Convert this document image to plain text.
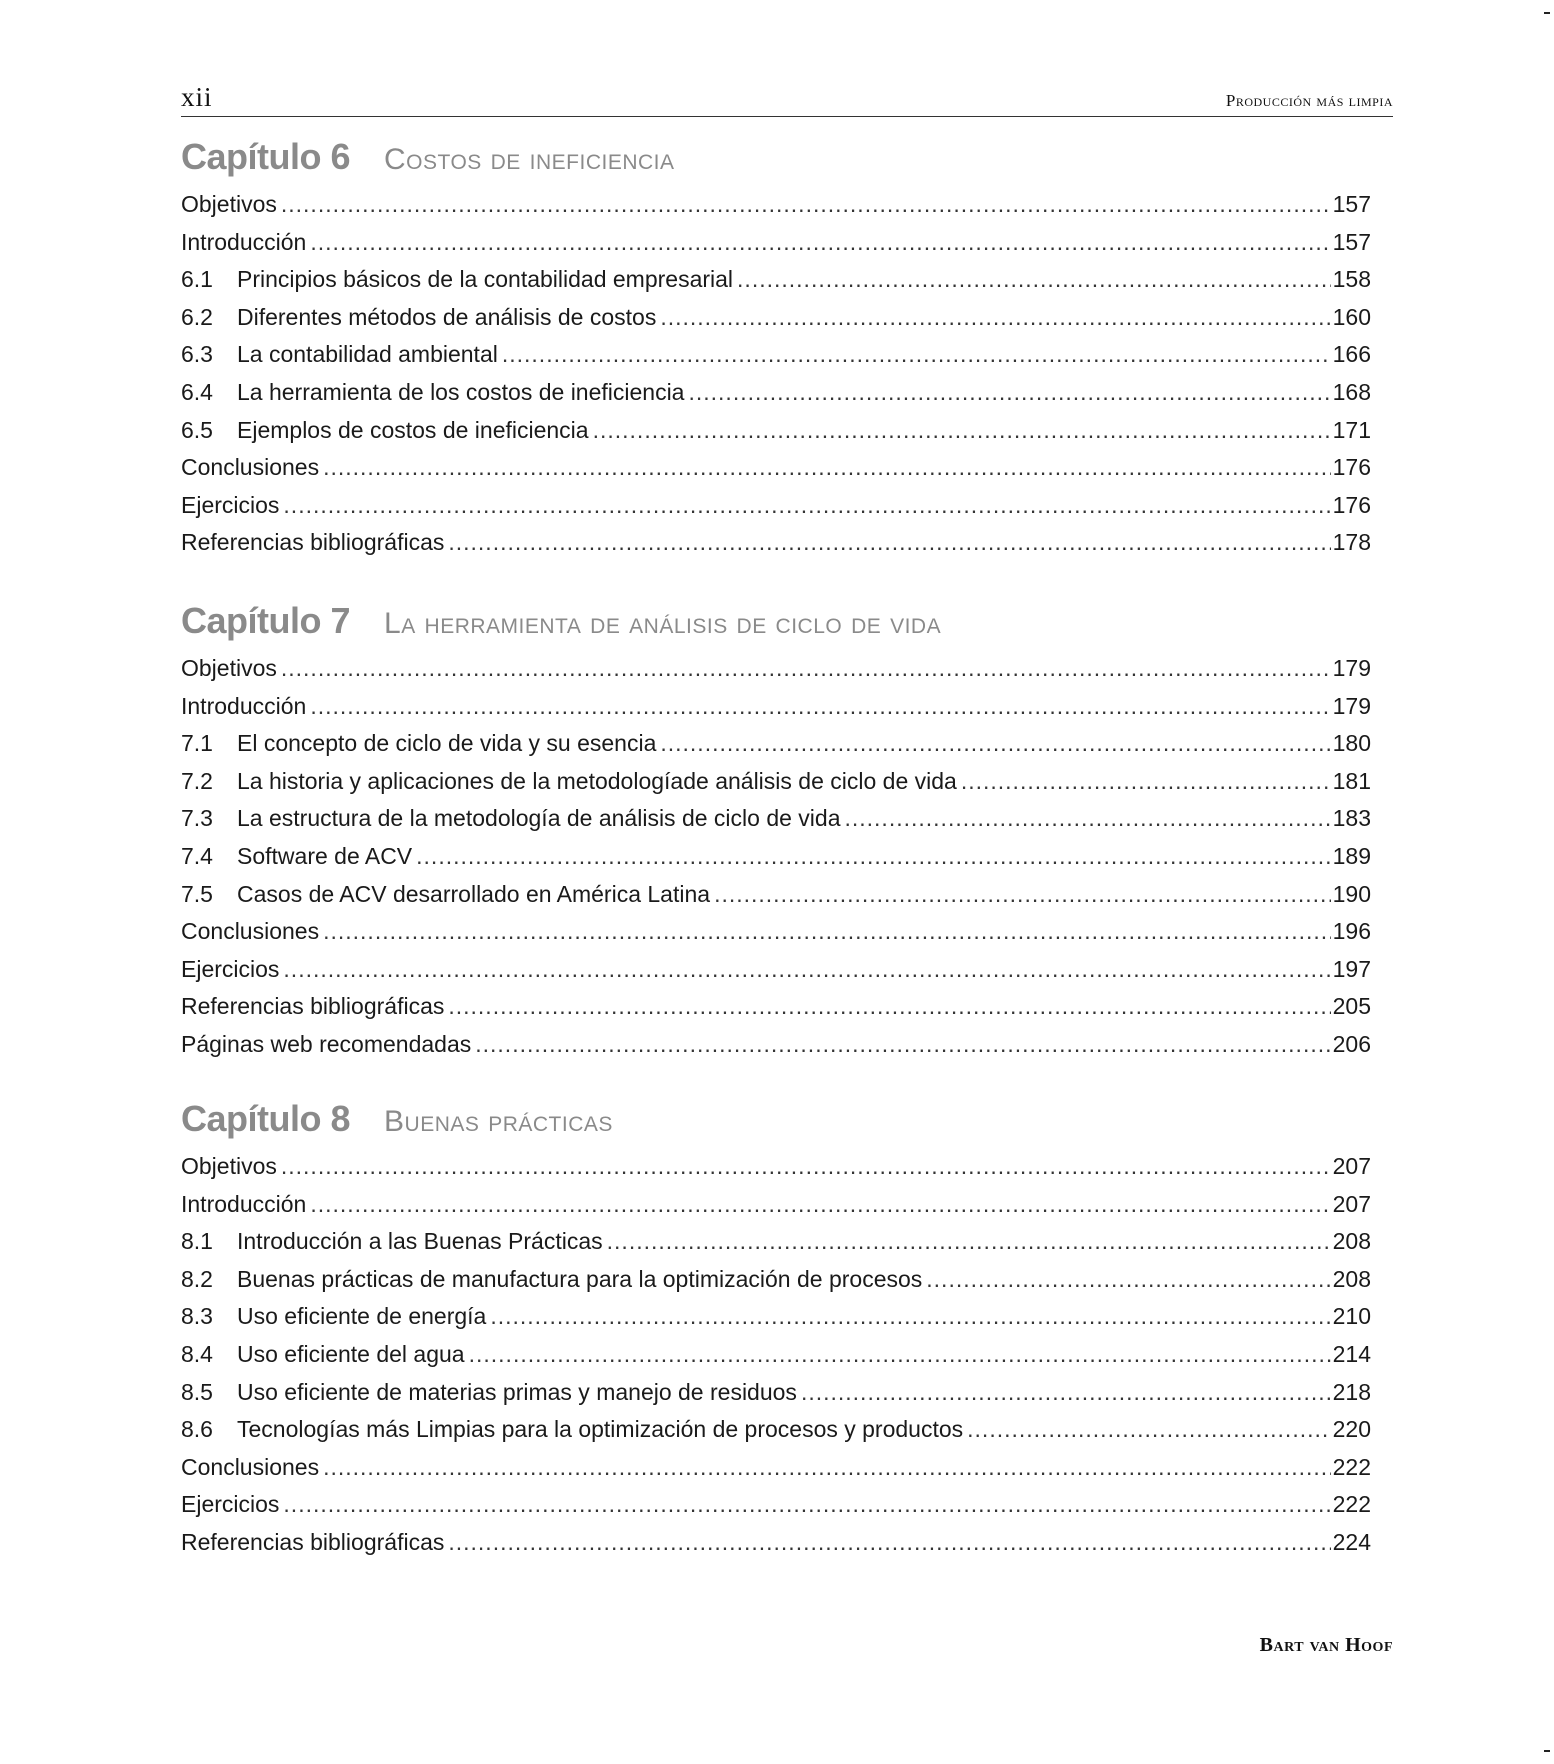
xii	Producción más limpia
Capítulo 6 Costos de ineficiencia
Objetivos .....	157
Introducción .....	157
6.1	Principios básicos de la contabilidad empresarial .....	158
6.2	Diferentes métodos de análisis de costos .....	160
6.3	La contabilidad ambiental .....	166
6.4	La herramienta de los costos de ineficiencia .....	168
6.5	Ejemplos de costos de ineficiencia .....	171
Conclusiones .....	176
Ejercicios .....	176
Referencias bibliográficas .....	178
Capítulo 7 La herramienta de análisis de ciclo de vida
Objetivos .....	179
Introducción .....	179
7.1	El concepto de ciclo de vida y su esencia .....	180
7.2	La historia y aplicaciones de la metodologíade análisis de ciclo de vida .....	181
7.3	La estructura de la metodología de análisis de ciclo de vida .....	183
7.4	Software de ACV .....	189
7.5	Casos de ACV desarrollado en América Latina .....	190
Conclusiones .....	196
Ejercicios .....	197
Referencias bibliográficas .....	205
Páginas web recomendadas .....	206
Capítulo 8 Buenas prácticas
Objetivos .....	207
Introducción .....	207
8.1	Introducción a las Buenas Prácticas .....	208
8.2	Buenas prácticas de manufactura para la optimización de procesos .....	208
8.3	Uso eficiente de energía .....	210
8.4	Uso eficiente del agua .....	214
8.5	Uso eficiente de materias primas y manejo de residuos .....	218
8.6	Tecnologías más Limpias para la optimización de procesos y productos .....	220
Conclusiones .....	222
Ejercicios .....	222
Referencias bibliográficas .....	224
Bart van Hoof
